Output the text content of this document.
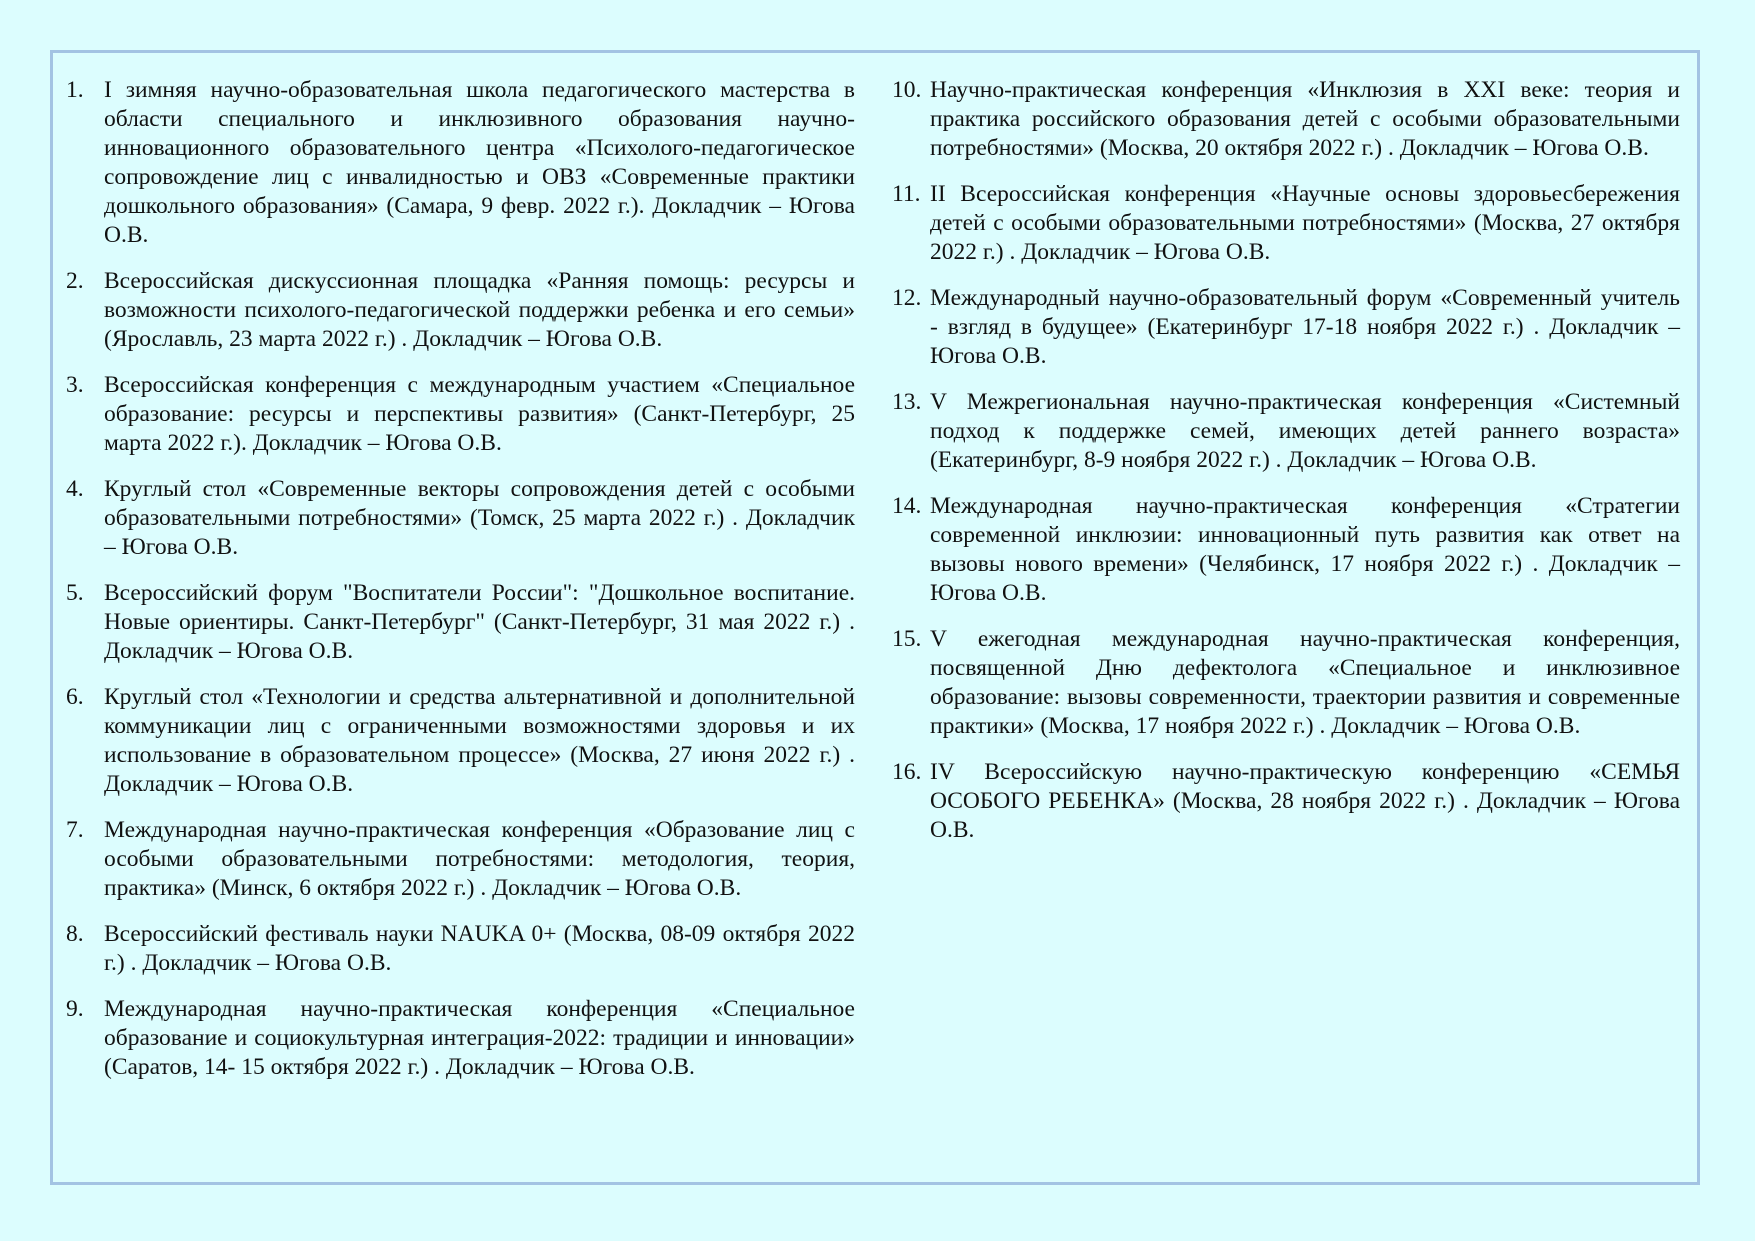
1. I зимняя научно-образовательная школа педагогического мастерства в области специального и инклюзивного образования научно-инновационного образовательного центра «Психолого-педагогическое сопровождение лиц с инвалидностью и ОВЗ «Современные практики дошкольного образования» (Самара, 9 февр. 2022 г.). Докладчик – Югова О.В.
2. Всероссийская дискуссионная площадка «Ранняя помощь: ресурсы и возможности психолого-педагогической поддержки ребенка и его семьи» (Ярославль, 23 марта 2022 г.) . Докладчик – Югова О.В.
3. Всероссийская конференция с международным участием «Специальное образование: ресурсы и перспективы развития» (Санкт-Петербург, 25 марта 2022 г.). Докладчик – Югова О.В.
4. Круглый стол «Современные векторы сопровождения детей с особыми образовательными потребностями» (Томск, 25 марта 2022 г.) . Докладчик – Югова О.В.
5. Всероссийский форум "Воспитатели России": "Дошкольное воспитание. Новые ориентиры. Санкт-Петербург" (Санкт-Петербург, 31 мая 2022 г.) . Докладчик – Югова О.В.
6. Круглый стол «Технологии и средства альтернативной и дополнительной коммуникации лиц с ограниченными возможностями здоровья и их использование в образовательном процессе» (Москва, 27 июня 2022 г.) . Докладчик – Югова О.В.
7. Международная научно-практическая конференция «Образование лиц с особыми образовательными потребностями: методология, теория, практика» (Минск, 6 октября 2022 г.) . Докладчик – Югова О.В.
8. Всероссийский фестиваль науки NAUKA 0+ (Москва, 08-09 октября 2022 г.) . Докладчик – Югова О.В.
9. Международная научно-практическая конференция «Специальное образование и социокультурная интеграция-2022: традиции и инновации» (Саратов, 14- 15 октября 2022 г.) . Докладчик – Югова О.В.
10. Научно-практическая конференция «Инклюзия в XXI веке: теория и практика российского образования детей с особыми образовательными потребностями» (Москва, 20 октября 2022 г.) . Докладчик – Югова О.В.
11. II Всероссийская конференция «Научные основы здоровьесбережения детей с особыми образовательными потребностями» (Москва, 27 октября 2022 г.) . Докладчик – Югова О.В.
12. Международный научно-образовательный форум «Современный учитель - взгляд в будущее» (Екатеринбург 17-18 ноября 2022 г.) . Докладчик – Югова О.В.
13. V Межрегиональная научно-практическая конференция «Системный подход к поддержке семей, имеющих детей раннего возраста» (Екатеринбург, 8-9 ноября 2022 г.) . Докладчик – Югова О.В.
14. Международная научно-практическая конференция «Стратегии современной инклюзии: инновационный путь развития как ответ на вызовы нового времени» (Челябинск, 17 ноября 2022 г.) . Докладчик – Югова О.В.
15. V ежегодная международная научно-практическая конференция, посвященной Дню дефектолога «Специальное и инклюзивное образование: вызовы современности, траектории развития и современные практики» (Москва, 17 ноября 2022 г.) . Докладчик – Югова О.В.
16. IV Всероссийскую научно-практическую конференцию «СЕМЬЯ ОСОБОГО РЕБЕНКА» (Москва, 28 ноября 2022 г.) . Докладчик – Югова О.В.
